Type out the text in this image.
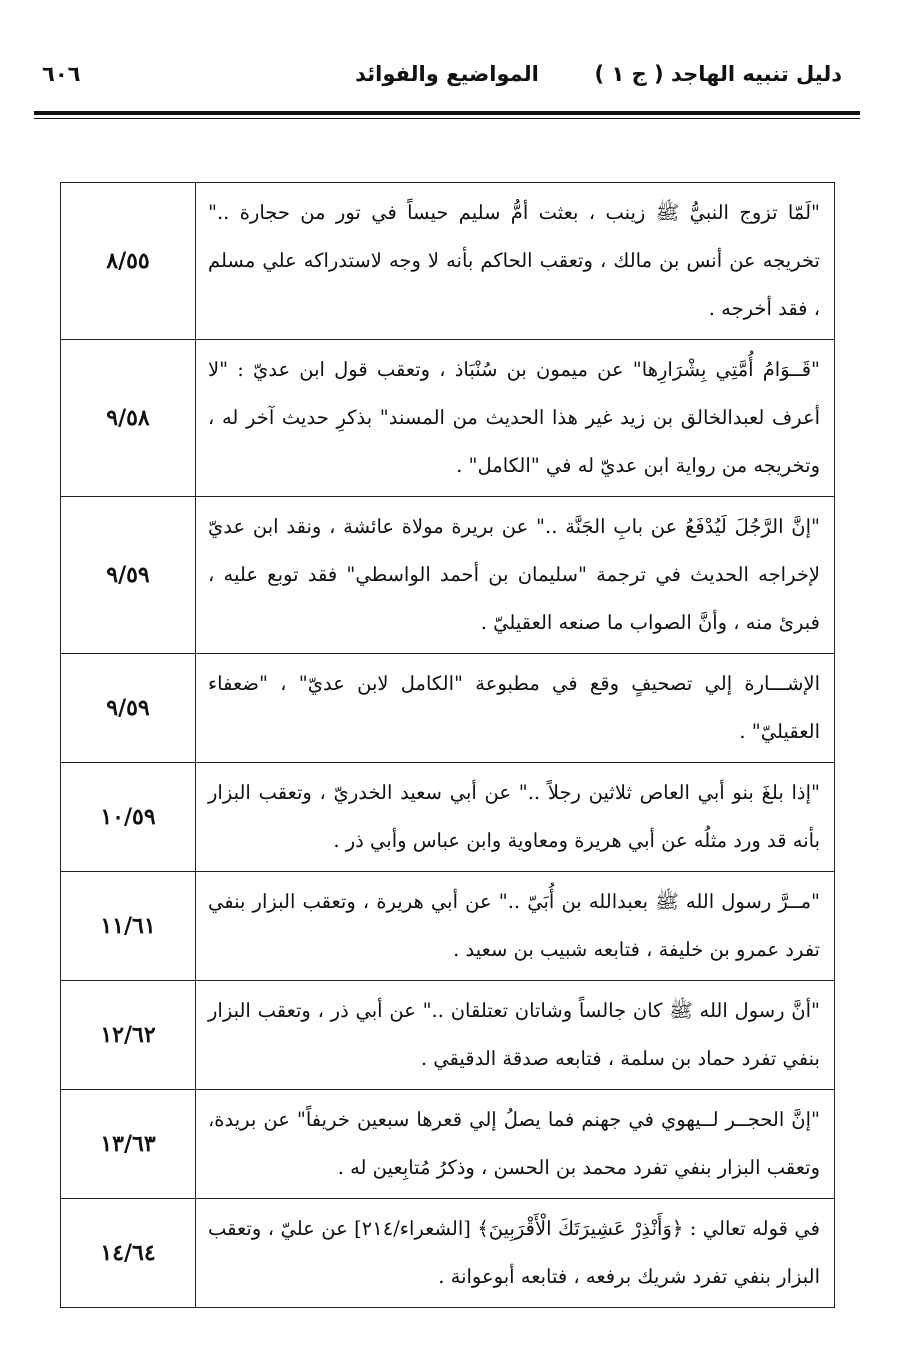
دليل تنبيه الهاجد ( ج ١ )
المواضيع والفوائد
٦٠٦
"لَمّا تزوج النبيُّ ﷺ زينب ، بعثت أمُّ سليم حيساً في تور من حجارة .." تخريجه عن أنس بن مالك ، وتعقب الحاكم بأنه لا وجه لاستدراكه علي مسلم ، فقد أخرجه .	٨/٥٥
"قَــوَامُ أُمَّتِي بِشْرَارِها" عن ميمون بن سُنْبَاذ ، وتعقب قول ابن عديّ : "لا أعرف لعبدالخالق بن زيد غير هذا الحديث من المسند" بذكرِ حديث آخر له ، وتخريجه من رواية ابن عديّ له في "الكامل" .	٩/٥٨
"إنَّ الرَّجُلَ لَيُدْفَعُ عن بابِ الجَنَّة .." عن بريرة مولاة عائشة ، ونقد ابن عديّ لإخراجه الحديث في ترجمة "سليمان بن أحمد الواسطي" فقد توبع عليه ، فبرئ منه ، وأنَّ الصواب ما صنعه العقيليّ .	٩/٥٩
الإشـــارة إلي تصحيفٍ وقع في مطبوعة "الكامل لابن عديّ" ، "ضعفاء العقيليّ" .	٩/٥٩
"إذا بلغَ بنو أبي العاص ثلاثين رجلاً .." عن أبي سعيد الخدريّ ، وتعقب البزار بأنه قد ورد مثلُه عن أبي هريرة ومعاوية وابن عباس وأبي ذر .	١٠/٥٩
"مــرَّ رسول الله ﷺ بعبدالله بن أُبَيّ .." عن أبي هريرة ، وتعقب البزار بنفي تفرد عمرو بن خليفة ، فتابعه شبيب بن سعيد .	١١/٦١
"أنَّ رسول الله ﷺ كان جالساً وشاتان تعتلقان .." عن أبي ذر ، وتعقب البزار بنفي تفرد حماد بن سلمة ، فتابعه صدقة الدقيقي .	١٢/٦٢
"إنَّ الحجــر لــيهوي في جهنم فما يصلُ إلي قعرها سبعين خريفاً" عن بريدة، وتعقب البزار بنفي تفرد محمد بن الحسن ، وذكرُ مُتابِعين له .	١٣/٦٣
في قوله تعالي : ﴿وَأَنْذِرْ عَشِيرَتَكَ الْأَقْرَبِينَ﴾ [الشعراء/٢١٤] عن عليّ ، وتعقب البزار بنفي تفرد شريك برفعه ، فتابعه أبوعوانة .	١٤/٦٤
